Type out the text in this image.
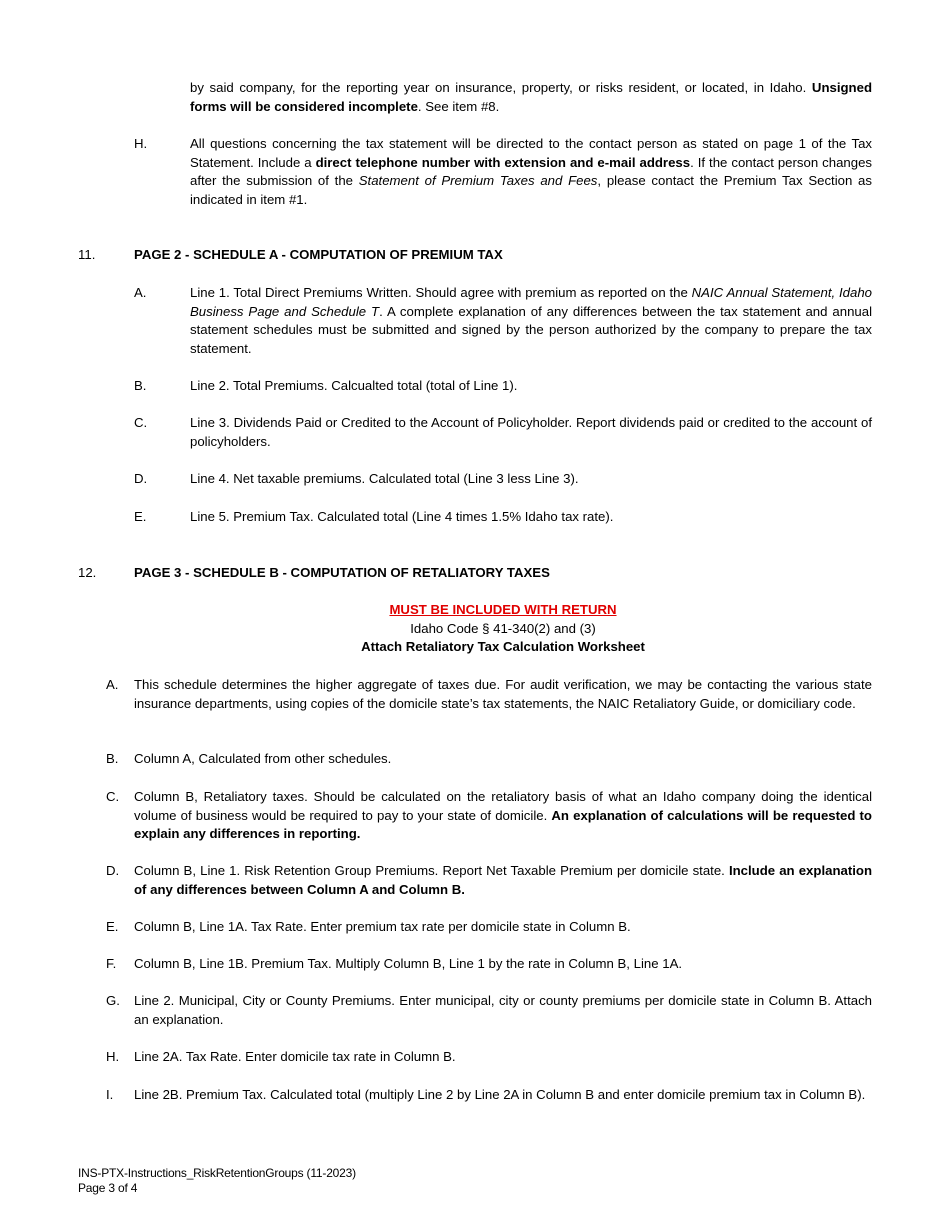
by said company, for the reporting year on insurance, property, or risks resident, or located, in Idaho. Unsigned forms will be considered incomplete. See item #8.
H.	All questions concerning the tax statement will be directed to the contact person as stated on page 1 of the Tax Statement. Include a direct telephone number with extension and e-mail address. If the contact person changes after the submission of the Statement of Premium Taxes and Fees, please contact the Premium Tax Section as indicated in item #1.
11.	PAGE 2 - SCHEDULE A - COMPUTATION OF PREMIUM TAX
A.	Line 1. Total Direct Premiums Written. Should agree with premium as reported on the NAIC Annual Statement, Idaho Business Page and Schedule T. A complete explanation of any differences between the tax statement and annual statement schedules must be submitted and signed by the person authorized by the company to prepare the tax statement.
B.	Line 2. Total Premiums. Calcualted total (total of Line 1).
C.	Line 3. Dividends Paid or Credited to the Account of Policyholder. Report dividends paid or credited to the account of policyholders.
D.	Line 4. Net taxable premiums. Calculated total (Line 3 less Line 3).
E.	Line 5. Premium Tax. Calculated total (Line 4 times 1.5% Idaho tax rate).
12.	PAGE 3 - SCHEDULE B - COMPUTATION OF RETALIATORY TAXES
MUST BE INCLUDED WITH RETURN
Idaho Code § 41-340(2) and (3)
Attach Retaliatory Tax Calculation Worksheet
A. This schedule determines the higher aggregate of taxes due. For audit verification, we may be contacting the various state insurance departments, using copies of the domicile state’s tax statements, the NAIC Retaliatory Guide, or domiciliary code.
B. Column A, Calculated from other schedules.
C. Column B, Retaliatory taxes. Should be calculated on the retaliatory basis of what an Idaho company doing the identical volume of business would be required to pay to your state of domicile. An explanation of calculations will be requested to explain any differences in reporting.
D. Column B, Line 1. Risk Retention Group Premiums. Report Net Taxable Premium per domicile state. Include an explanation of any differences between Column A and Column B.
E. Column B, Line 1A. Tax Rate. Enter premium tax rate per domicile state in Column B.
F. Column B, Line 1B. Premium Tax. Multiply Column B, Line 1 by the rate in Column B, Line 1A.
G. Line 2. Municipal, City or County Premiums. Enter municipal, city or county premiums per domicile state in Column B. Attach an explanation.
H. Line 2A. Tax Rate. Enter domicile tax rate in Column B.
I. Line 2B. Premium Tax. Calculated total (multiply Line 2 by Line 2A in Column B and enter domicile premium tax in Column B).
INS-PTX-Instructions_RiskRetentionGroups (11-2023)
Page 3 of 4
